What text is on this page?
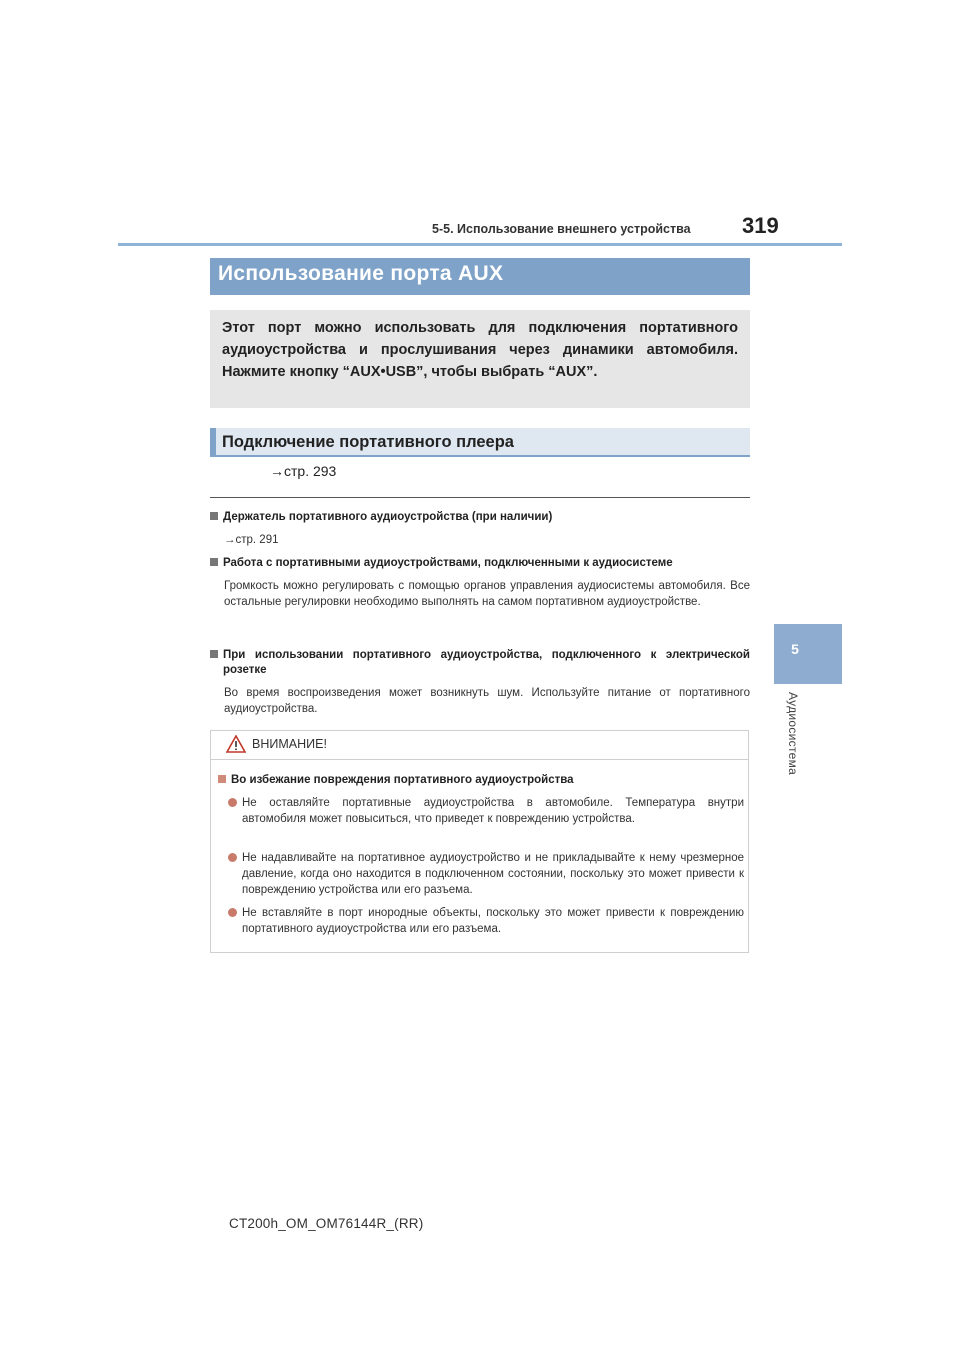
5-5. Использование внешнего устройства 319
5
Аудиосистема
Использование порта AUX
Этот порт можно использовать для подключения портативного аудиоустройства и прослушивания через динамики автомобиля. Нажмите кнопку “AUX•USB”, чтобы выбрать “AUX”.
Подключение портативного плеера
→стр. 293
Держатель портативного аудиоустройства (при наличии)
→стр. 291
Работа с портативными аудиоустройствами, подключенными к аудиосистеме
Громкость можно регулировать с помощью органов управления аудиосистемы автомобиля. Все остальные регулировки необходимо выполнять на самом портативном аудиоустройстве.
При использовании портативного аудиоустройства, подключенного к электрической розетке
Во время воспроизведения может возникнуть шум. Используйте питание от портативного аудиоустройства.
ВНИМАНИЕ!
Во избежание повреждения портативного аудиоустройства
Не оставляйте портативные аудиоустройства в автомобиле. Температура внутри автомобиля может повыситься, что приведет к повреждению устройства.
Не надавливайте на портативное аудиоустройство и не прикладывайте к нему чрезмерное давление, когда оно находится в подключенном состоянии, поскольку это может привести к повреждению устройства или его разъема.
Не вставляйте в порт инородные объекты, поскольку это может привести к повреждению портативного аудиоустройства или его разъема.
CT200h_OM_OM76144R_(RR)
